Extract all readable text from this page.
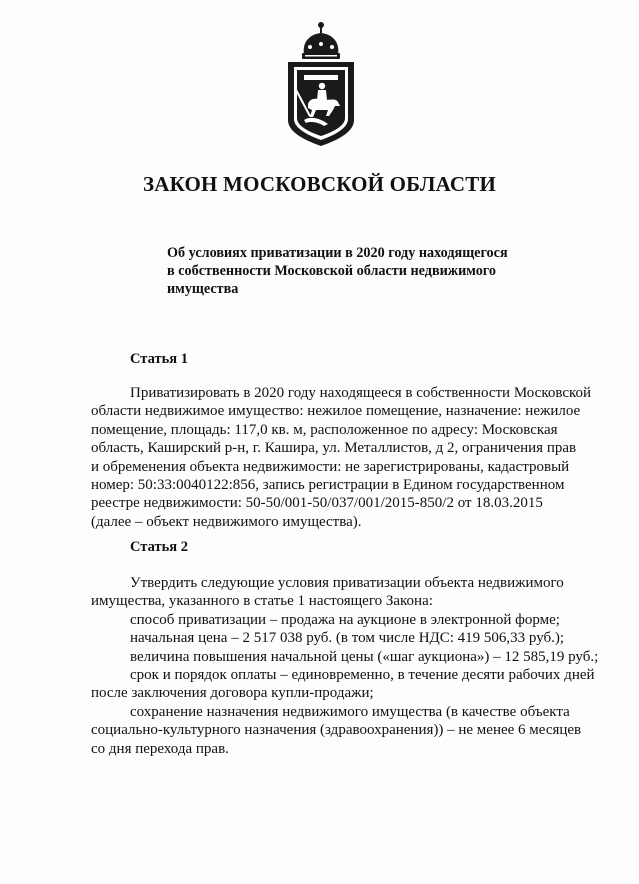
ЗАКОН МОСКОВСКОЙ ОБЛАСТИ
Об условиях приватизации в 2020 году находящегося
в собственности Московской области недвижимого
имущества
Статья 1
Приватизировать в 2020 году находящееся в собственности Московской
области недвижимое имущество: нежилое помещение, назначение: нежилое
помещение, площадь: 117,0 кв. м, расположенное по адресу: Московская
область, Каширский р-н, г. Кашира, ул. Металлистов, д 2, ограничения прав
и обременения объекта недвижимости: не зарегистрированы, кадастровый
номер: 50:33:0040122:856, запись регистрации в Едином государственном
реестре недвижимости: 50-50/001-50/037/001/2015-850/2 от 18.03.2015
(далее – объект недвижимого имущества).
Статья 2
Утвердить следующие условия приватизации объекта недвижимого
имущества, указанного в статье 1 настоящего Закона:
способ приватизации – продажа на аукционе в электронной форме;
начальная цена – 2 517 038 руб. (в том числе НДС: 419 506,33 руб.);
величина повышения начальной цены («шаг аукциона») – 12 585,19 руб.;
срок и порядок оплаты – единовременно, в течение десяти рабочих дней
после заключения договора купли-продажи;
сохранение назначения недвижимого имущества (в качестве объекта
социально-культурного назначения (здравоохранения)) – не менее 6 месяцев
со дня перехода прав.
